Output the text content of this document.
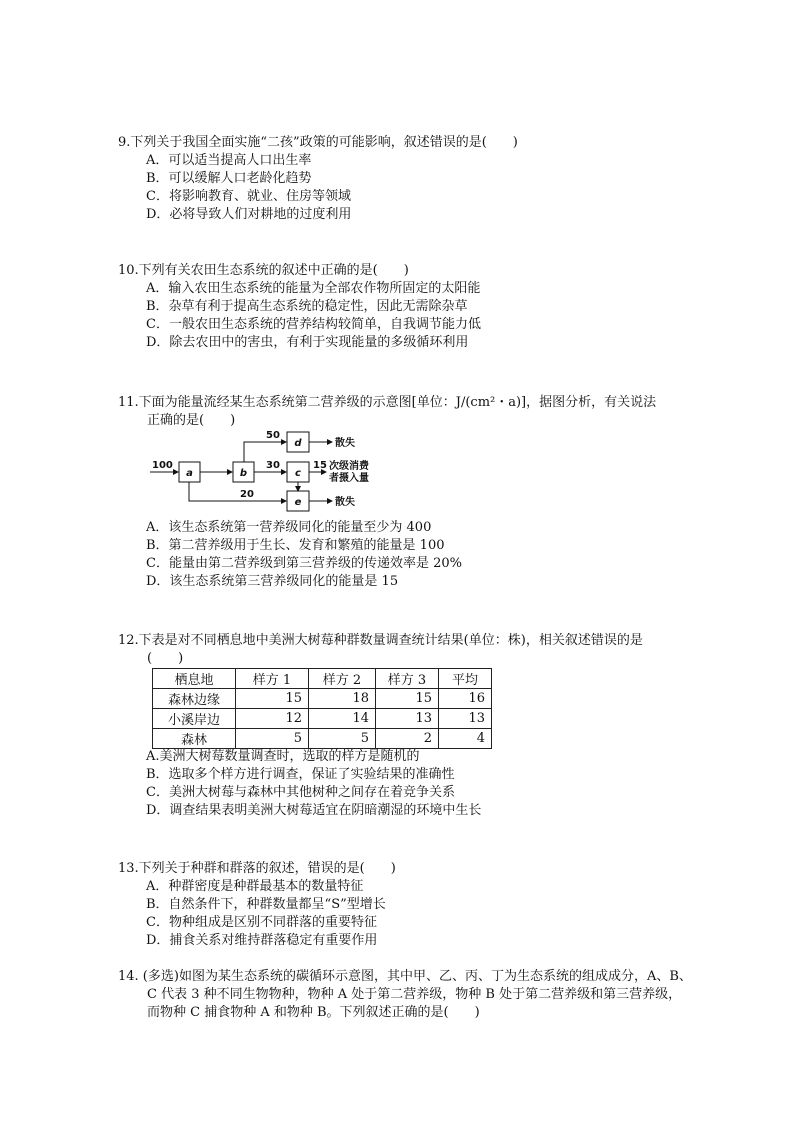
9.下列关于我国全面实施“二孩”政策的可能影响，叙述错误的是(　　)
A．可以适当提高人口出生率
B．可以缓解人口老龄化趋势
C．将影响教育、就业、住房等领域
D．必将导致人们对耕地的过度利用
10.下列有关农田生态系统的叙述中正确的是(　　)
A．输入农田生态系统的能量为全部农作物所固定的太阳能
B．杂草有利于提高生态系统的稳定性，因此无需除杂草
C．一般农田生态系统的营养结构较简单，自我调节能力低
D．除去农田中的害虫，有利于实现能量的多级循环利用
11.下面为能量流经某生态系统第二营养级的示意图[单位：J/(cm²・a)]，据图分析，有关说法
正确的是(　　)
a	b
d
c
e
100
50
30
20
15
散失
散失
次级消费
者摄入量
A．该生态系统第一营养级同化的能量至少为 400
B．第二营养级用于生长、发育和繁殖的能量是 100
C．能量由第二营养级到第三营养级的传递效率是 20%
D．该生态系统第三营养级同化的能量是 15
12.下表是对不同栖息地中美洲大树莓种群数量调查统计结果(单位：株)，相关叙述错误的是
(　　)
栖息地	样方 1	样方 2	样方 3	平均
森林边缘	15	18	15	16
小溪岸边	12	14	13	13
森林	5	5	2	4
A.美洲大树莓数量调查时，选取的样方是随机的
B．选取多个样方进行调查，保证了实验结果的准确性
C．美洲大树莓与森林中其他树种之间存在着竞争关系
D．调查结果表明美洲大树莓适宜在阴暗潮湿的环境中生长
13.下列关于种群和群落的叙述，错误的是(　　)
A．种群密度是种群最基本的数量特征
B．自然条件下，种群数量都呈“S”型增长
C．物种组成是区别不同群落的重要特征
D．捕食关系对维持群落稳定有重要作用
14. (多选)如图为某生态系统的碳循环示意图，其中甲、乙、丙、丁为生态系统的组成成分，A、B、
C 代表 3 种不同生物物种，物种 A 处于第二营养级，物种 B 处于第二营养级和第三营养级，
而物种 C 捕食物种 A 和物种 B。下列叙述正确的是(　　)
